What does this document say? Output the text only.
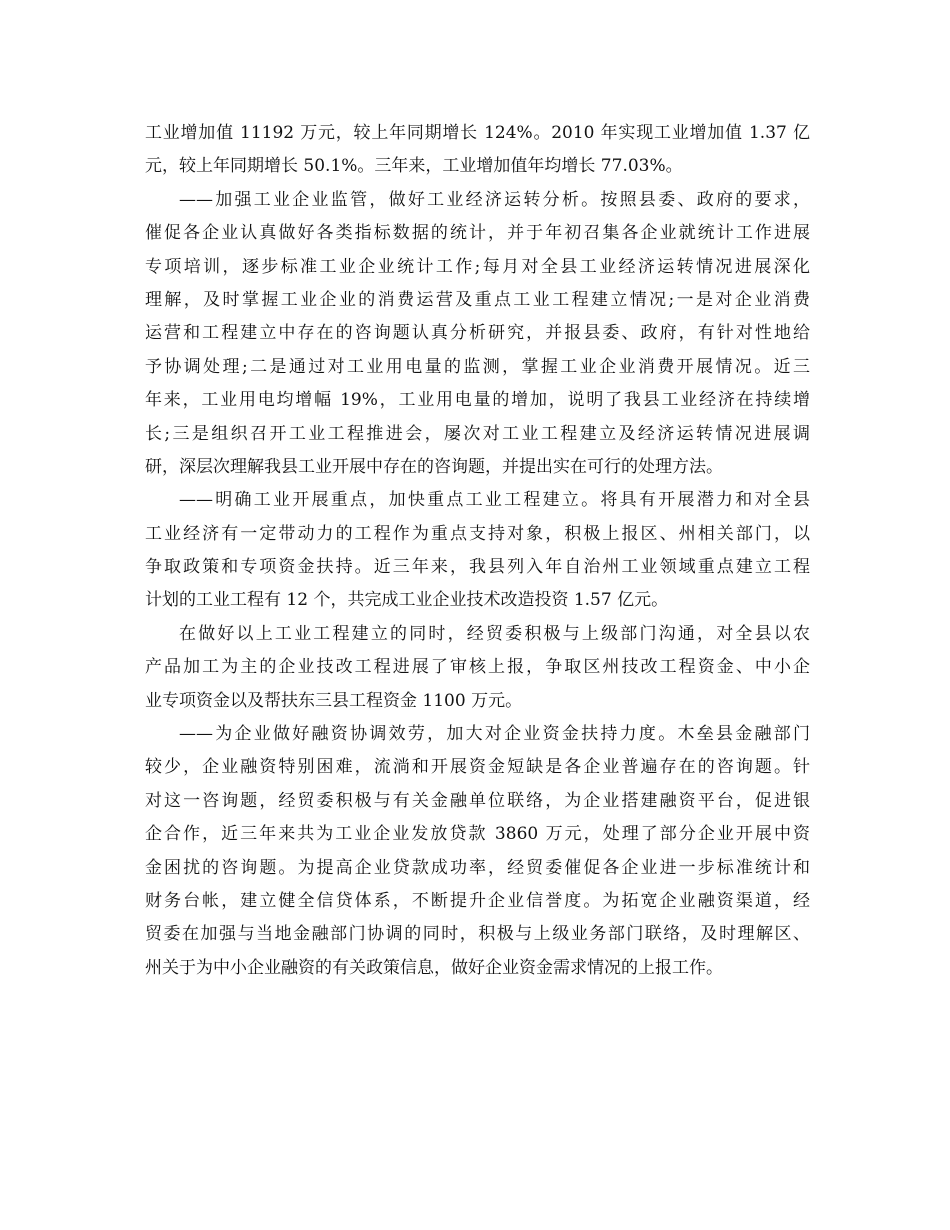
工业增加值 11192 万元，较上年同期增长 124%。2010 年实现工业增加值 1.37 亿
元，较上年同期增长 50.1%。三年来，工业增加值年均增长 77.03%。
——加强工业企业监管，做好工业经济运转分析。按照县委、政府的要求，
催促各企业认真做好各类指标数据的统计，并于年初召集各企业就统计工作进展
专项培训，逐步标准工业企业统计工作;每月对全县工业经济运转情况进展深化
理解，及时掌握工业企业的消费运营及重点工业工程建立情况;一是对企业消费
运营和工程建立中存在的咨询题认真分析研究，并报县委、政府，有针对性地给
予协调处理;二是通过对工业用电量的监测，掌握工业企业消费开展情况。近三
年来，工业用电均增幅 19%，工业用电量的增加，说明了我县工业经济在持续增
长;三是组织召开工业工程推进会，屡次对工业工程建立及经济运转情况进展调
研，深层次理解我县工业开展中存在的咨询题，并提出实在可行的处理方法。
——明确工业开展重点，加快重点工业工程建立。将具有开展潜力和对全县
工业经济有一定带动力的工程作为重点支持对象，积极上报区、州相关部门，以
争取政策和专项资金扶持。近三年来，我县列入年自治州工业领域重点建立工程
计划的工业工程有 12 个，共完成工业企业技术改造投资 1.57 亿元。
在做好以上工业工程建立的同时，经贸委积极与上级部门沟通，对全县以农
产品加工为主的企业技改工程进展了审核上报，争取区州技改工程资金、中小企
业专项资金以及帮扶东三县工程资金 1100 万元。
——为企业做好融资协调效劳，加大对企业资金扶持力度。木垒县金融部门
较少，企业融资特别困难，流淌和开展资金短缺是各企业普遍存在的咨询题。针
对这一咨询题，经贸委积极与有关金融单位联络，为企业搭建融资平台，促进银
企合作，近三年来共为工业企业发放贷款 3860 万元，处理了部分企业开展中资
金困扰的咨询题。为提高企业贷款成功率，经贸委催促各企业进一步标准统计和
财务台帐，建立健全信贷体系，不断提升企业信誉度。为拓宽企业融资渠道，经
贸委在加强与当地金融部门协调的同时，积极与上级业务部门联络，及时理解区、
州关于为中小企业融资的有关政策信息，做好企业资金需求情况的上报工作。
